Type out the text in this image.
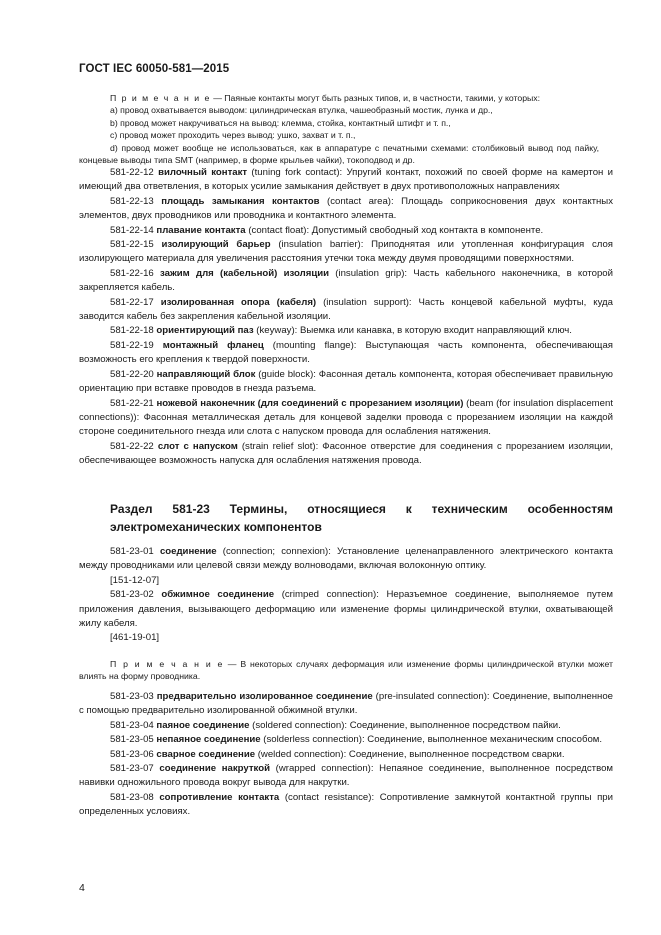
ГОСТ IEC 60050-581—2015

П р и м е ч а н и е — Паяные контакты могут быть разных типов, и, в частности, такими, у которых:

а) провод охватывается выводом: цилиндрическая втулка, чашеобразный мостик, лунка и др.,

b) провод может накручиваться на вывод: клемма, стойка, контактный штифт и т. п.,

с) провод может проходить через вывод: ушко, захват и т. п.,

d) провод может вообще не использоваться, как в аппаратуре с печатными схемами: столбиковый вывод под пайку, концевые выводы типа SMT (например, в форме крыльев чайки), токоподвод и др.

581-22-12 вилочный контакт (tuning fork contact): Упругий контакт, похожий по своей форме на камертон и имеющий два ответвления, в которых усилие замыкания действует в двух противоположных направлениях

581-22-13 площадь замыкания контактов (contact area): Площадь соприкосновения двух контактных элементов, двух проводников или проводника и контактного элемента.

581-22-14 плавание контакта (contact float): Допустимый свободный ход контакта в компоненте.

581-22-15 изолирующий барьер (insulation barrier): Приподнятая или утопленная конфигурация слоя изолирующего материала для увеличения расстояния утечки тока между двумя проводящими поверхностями.

581-22-16 зажим для (кабельной) изоляции (insulation grip): Часть кабельного наконечника, в которой закрепляется кабель.

581-22-17 изолированная опора (кабеля) (insulation support): Часть концевой кабельной муфты, куда заводится кабель без закрепления кабельной изоляции.

581-22-18 ориентирующий паз (keyway): Выемка или канавка, в которую входит направляющий ключ.

581-22-19 монтажный фланец (mounting flange): Выступающая часть компонента, обеспечивающая возможность его крепления к твердой поверхности.

581-22-20 направляющий блок (guide block): Фасонная деталь компонента, которая обеспечивает правильную ориентацию при вставке проводов в гнезда разъема.

581-22-21 ножевой наконечник (для соединений с прорезанием изоляции) (beam (for insulation displacement connections)): Фасонная металлическая деталь для концевой заделки провода с прорезанием изоляции на каждой стороне соединительного гнезда или слота с напуском провода для ослабления натяжения.

581-22-22 слот с напуском (strain relief slot): Фасонное отверстие для соединения с прорезанием изоляции, обеспечивающее возможность напуска для ослабления натяжения провода.

Раздел 581-23 Термины, относящиеся к техническим особенностям электромеханических компонентов

581-23-01 соединение (connection; connexion): Установление целенаправленного электрического контакта между проводниками или целевой связи между волноводами, включая волоконную оптику.

[151-12-07]

581-23-02 обжимное соединение (crimped connection): Неразъемное соединение, выполняемое путем приложения давления, вызывающего деформацию или изменение формы цилиндрической втулки, охватывающей жилу кабеля.

[461-19-01]

П р и м е ч а н и е — В некоторых случаях деформация или изменение формы цилиндрической втулки может влиять на форму проводника.

581-23-03 предварительно изолированное соединение (pre-insulated connection): Соединение, выполненное с помощью предварительно изолированной обжимной втулки.

581-23-04 паяное соединение (soldered connection): Соединение, выполненное посредством пайки.

581-23-05 непаяное соединение (solderless connection): Соединение, выполненное механическим способом.

581-23-06 сварное соединение (welded connection): Соединение, выполненное посредством сварки.

581-23-07 соединение накруткой (wrapped connection): Непаяное соединение, выполненное посредством навивки одножильного провода вокруг вывода для накрутки.

581-23-08 сопротивление контакта (contact resistance): Сопротивление замкнутой контактной группы при определенных условиях.

4
